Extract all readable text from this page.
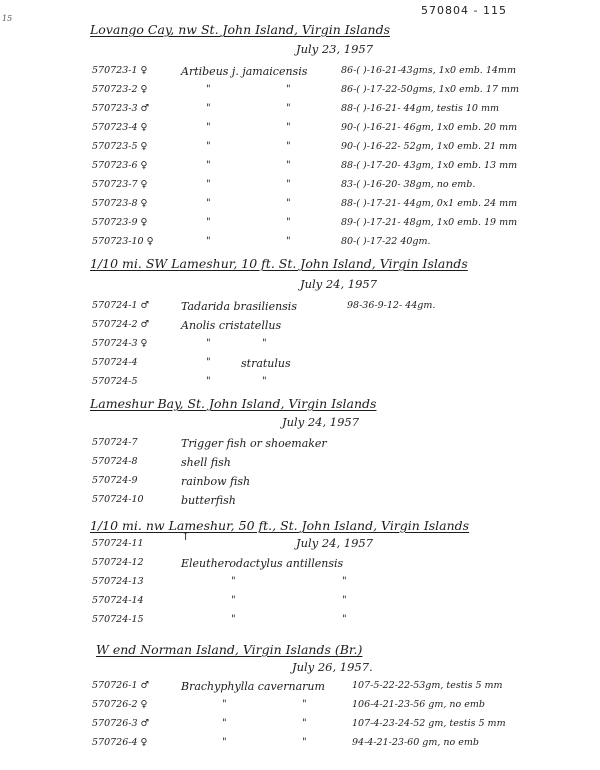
15
570804 - 115
Lovango Cay, nw St. John Island, Virgin Islands
July 23, 1957
570723-1 ♀	Artibeus j. jamaicensis	86-( )-16-21-43gms, 1x0 emb. 14mm
570723-2 ♀	"	"	86-( )-17-22-50gms, 1x0 emb. 17 mm
570723-3 ♂	"	"	88-( )-16-21- 44gm, testis 10 mm
570723-4 ♀	"	"	90-( )-16-21- 46gm, 1x0 emb. 20 mm
570723-5 ♀	"	"	90-( )-16-22- 52gm, 1x0 emb. 21 mm
570723-6 ♀	"	"	88-( )-17-20- 43gm, 1x0 emb. 13 mm
570723-7 ♀	"	"	83-( )-16-20- 38gm, no emb.
570723-8 ♀	"	"	88-( )-17-21- 44gm, 0x1 emb. 24 mm
570723-9 ♀	"	"	89-( )-17-21- 48gm, 1x0 emb. 19 mm
570723-10 ♀	"	"	80-( )-17-22 40gm.
1/10 mi. SW Lameshur, 10 ft. St. John Island, Virgin Islands
July 24, 1957
570724-1 ♂	Tadarida brasiliensis	98-36-9-12- 44gm.
570724-2 ♂	Anolis cristatellus
570724-3 ♀	"	"
570724-4	"	stratulus
570724-5	"	"
Lameshur Bay, St. John Island, Virgin Islands
July 24, 1957
570724-7	Trigger fish or shoemaker
570724-8	shell fish
570724-9	rainbow fish
570724-10	butterfish
1/10 mi. nw Lameshur, 50 ft., St. John Island, Virgin Islands
July 24, 1957
↑
570724-11
570724-12	Eleutherodactylus antillensis
570724-13	"	"
570724-14	"	"
570724-15	"	"
W end Norman Island, Virgin Islands (Br.)
July 26, 1957.
570726-1 ♂	Brachyphylla cavernarum	107-5-22-22-53gm, testis 5 mm
570726-2 ♀	"	"	106-4-21-23-56 gm, no emb
570726-3 ♂	"	"	107-4-23-24-52 gm, testis 5 mm
570726-4 ♀	"	"	94-4-21-23-60 gm, no emb
